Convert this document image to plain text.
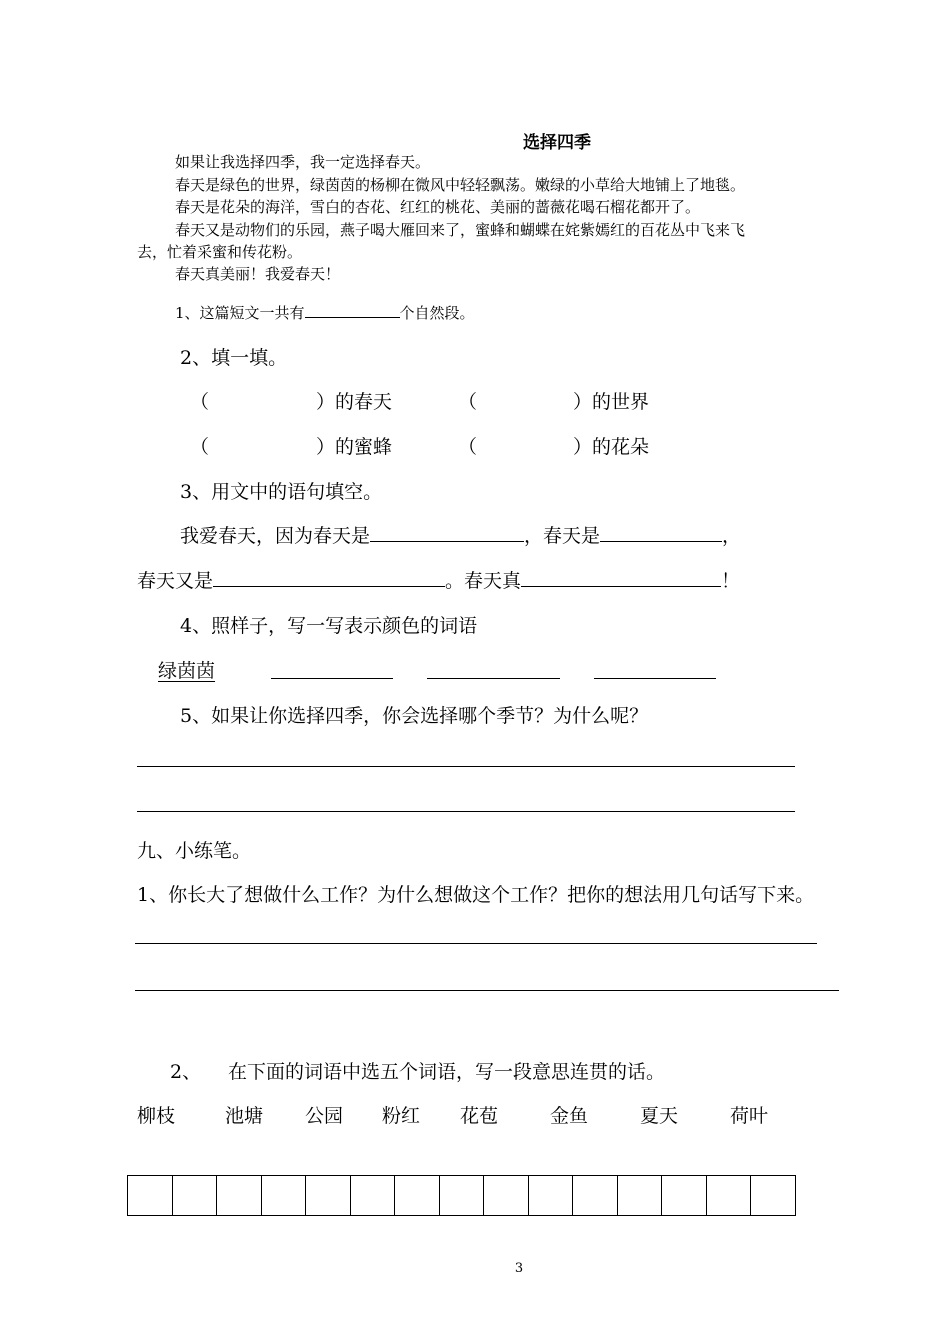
选择四季
如果让我选择四季，我一定选择春天。
春天是绿色的世界，绿茵茵的杨柳在微风中轻轻飘荡。嫩绿的小草给大地铺上了地毯。
春天是花朵的海洋，雪白的杏花、红红的桃花、美丽的蔷薇花喝石榴花都开了。
春天又是动物们的乐园，燕子喝大雁回来了，蜜蜂和蝴蝶在姹紫嫣红的百花丛中飞来飞
去，忙着采蜜和传花粉。
春天真美丽！我爱春天！
1、这篇短文一共有	个自然段。
2、填一填。
（	）的春天	（	）的世界
（	）的蜜蜂	（	）的花朵
3、用文中的语句填空。
我爱春天，因为春天是	，春天是	，
春天又是	。春天真	！
4、照样子，写一写表示颜色的词语
绿茵茵
5、如果让你选择四季，你会选择哪个季节？为什么呢？
九、小练笔。
1、你长大了想做什么工作？为什么想做这个工作？把你的想法用几句话写下来。
2、 在下面的词语中选五个词语，写一段意思连贯的话。
柳枝	池塘 公园 粉红 花苞	金鱼	夏天	荷叶
3
